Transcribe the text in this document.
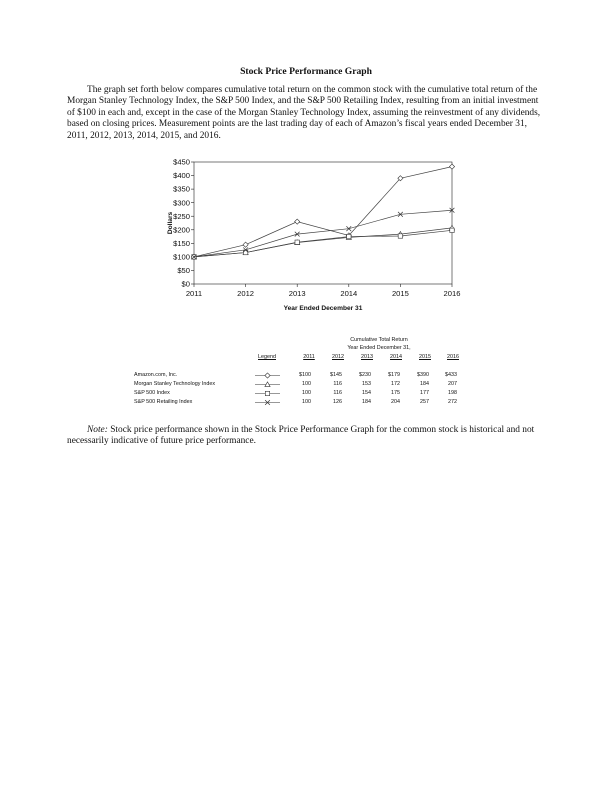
Stock Price Performance Graph
The graph set forth below compares cumulative total return on the common stock with the cumulative total return of the Morgan Stanley Technology Index, the S&P 500 Index, and the S&P 500 Retailing Index, resulting from an initial investment of $100 in each and, except in the case of the Morgan Stanley Technology Index, assuming the reinvestment of any dividends, based on closing prices. Measurement points are the last trading day of each of Amazon’s fiscal years ended December 31, 2011, 2012, 2013, 2014, 2015, and 2016.
$0
$50
$100
$150
$200
$250
$300
$350
$400
$450
2011	2012	2013	2014	2015	2016
Dollars
Year Ended December 31
Cumulative Total Return
Year Ended December 31,
Legend	2011	2012	2013	2014	2015	2016
Amazon.com, Inc.	$100	$145	$230	$179	$390	$433
Morgan Stanley Technology Index	100	116	153	172	184	207
S&P 500 Index	100	116	154	175	177	198
S&P 500 Retailing Index	100	126	184	204	257	272
Note: Stock price performance shown in the Stock Price Performance Graph for the common stock is historical and not necessarily indicative of future price performance.
